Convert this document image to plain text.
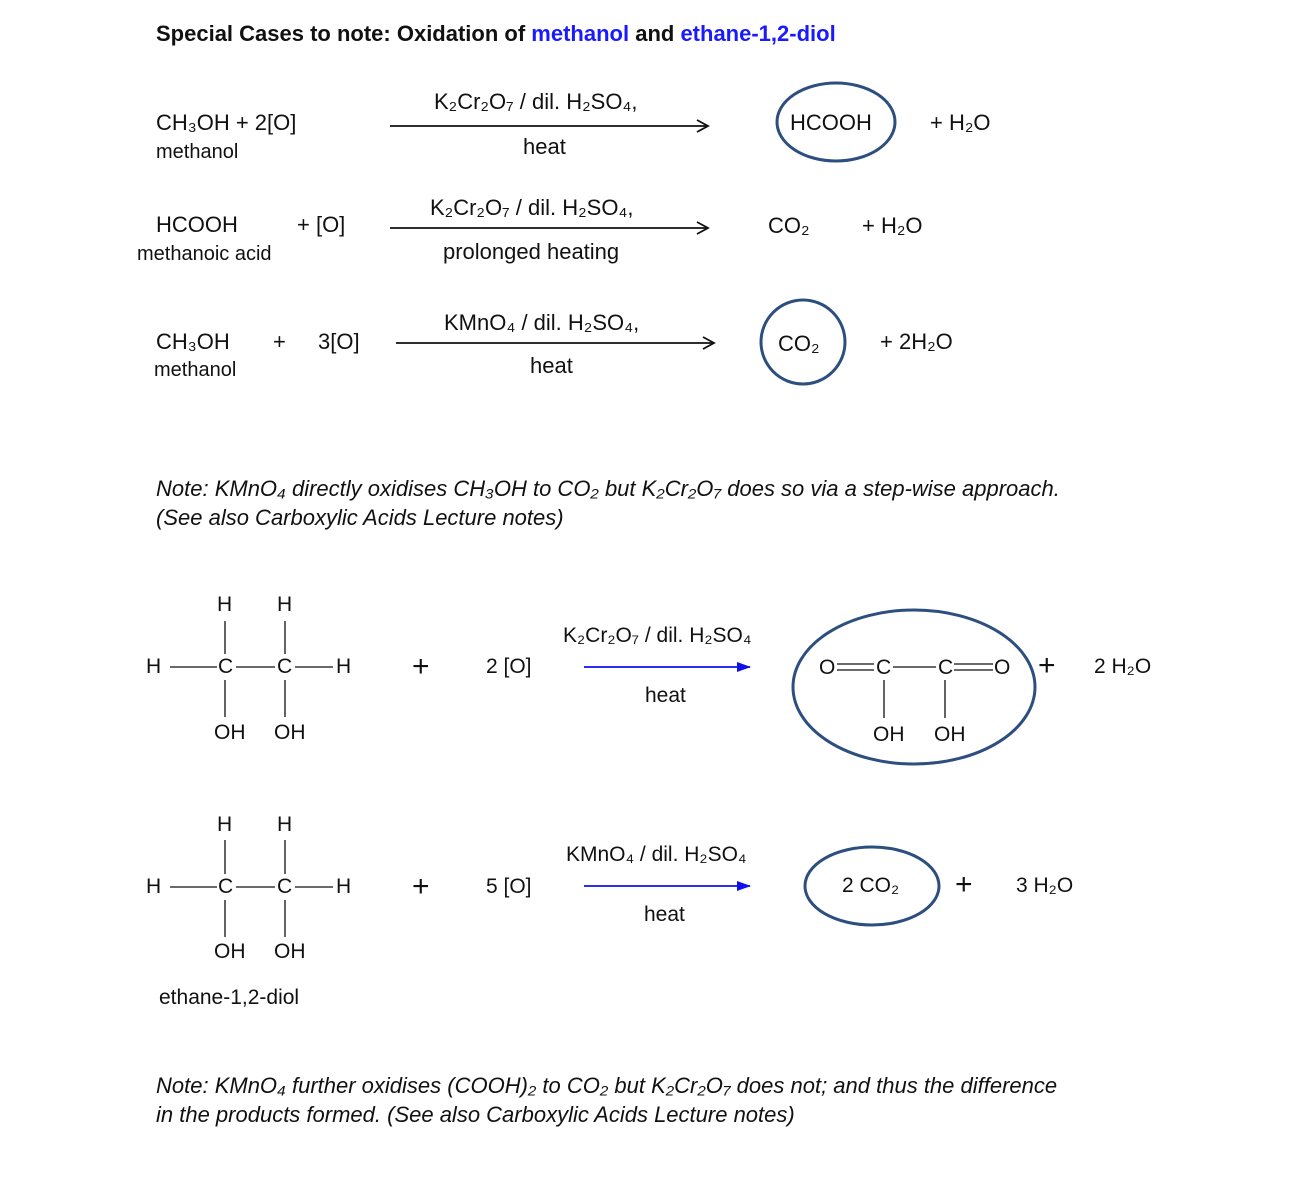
Special Cases to note: Oxidation of methanol and ethane-1,2-diol
CH₃OH + 2[O]
methanol
K₂Cr₂O₇ / dil. H₂SO₄,
heat
HCOOH	+ H₂O
HCOOH	+ [O]
methanoic acid
K₂Cr₂O₇ / dil. H₂SO₄,
prolonged heating
CO₂ + H₂O
CH₃OH + 3[O]
methanol
KMnO₄ / dil. H₂SO₄,
heat
CO₂	+ 2H₂O
Note: KMnO₄ directly oxidises CH₃OH to CO₂ but K₂Cr₂O₇ does so via a step-wise approach.
(See also Carboxylic Acids Lecture notes)
H H
H	C C H
OH OH
+	2 [O]
K₂Cr₂O₇ / dil. H₂SO₄
heat
O C C O
OH OH
+ 2 H₂O
H H
H	C C H
OH OH
ethane-1,2-diol
+	5 [O]
KMnO₄ / dil. H₂SO₄
heat
2 CO₂ + 3 H₂O
Note: KMnO₄ further oxidises (COOH)₂ to CO₂ but K₂Cr₂O₇ does not; and thus the difference
in the products formed. (See also Carboxylic Acids Lecture notes)
